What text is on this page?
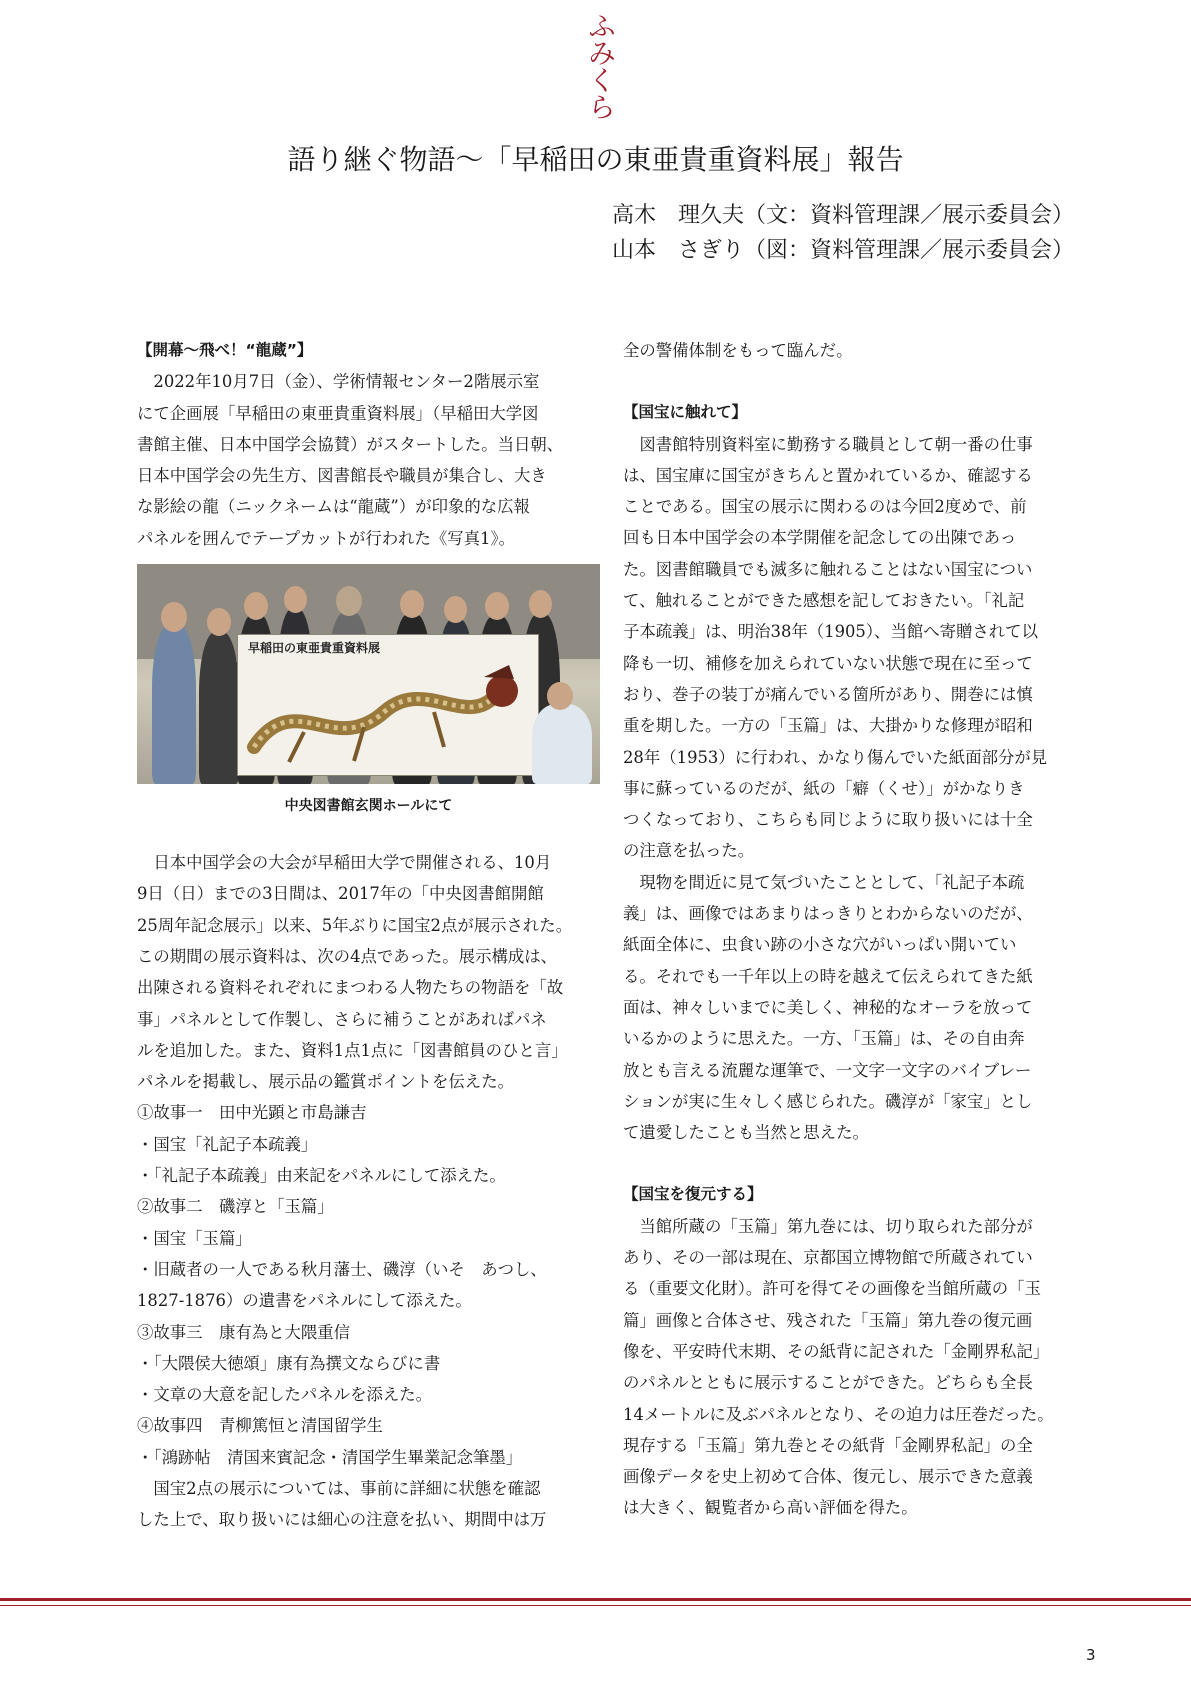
ふ
み
く
ら
語り継ぐ物語〜「早稲田の東亜貴重資料展」報告
高木　理久夫（文：資料管理課／展示委員会）
山本　さぎり（図：資料管理課／展示委員会）

【開幕〜飛べ！“龍蔵”】

2022年10月7日（金）、学術情報センター2階展示室

にて企画展「早稲田の東亜貴重資料展」（早稲田大学図

書館主催、日本中国学会協賛）がスタートした。当日朝、

日本中国学会の先生方、図書館長や職員が集合し、大き

な影絵の龍（ニックネームは“龍蔵”）が印象的な広報

パネルを囲んでテープカットが行われた《写真1》。

早稲田の東亜貴重資料展
中央図書館玄関ホールにて

日本中国学会の大会が早稲田大学で開催される、10月

9日（日）までの3日間は、2017年の「中央図書館開館

25周年記念展示」以来、5年ぶりに国宝2点が展示された。

この期間の展示資料は、次の4点であった。展示構成は、

出陳される資料それぞれにまつわる人物たちの物語を「故

事」パネルとして作製し、さらに補うことがあればパネ

ルを追加した。また、資料1点1点に「図書館員のひと言」

パネルを掲載し、展示品の鑑賞ポイントを伝えた。

①故事一　田中光顕と市島謙吉

・国宝「礼記子本疏義」

・「礼記子本疏義」由来記をパネルにして添えた。

②故事二　磯淳と「玉篇」

・国宝「玉篇」

・旧蔵者の一人である秋月藩士、磯淳（いそ　あつし、

1827-1876）の遺書をパネルにして添えた。

③故事三　康有為と大隈重信

・「大隈侯大徳頌」康有為撰文ならびに書

・文章の大意を記したパネルを添えた。

④故事四　青柳篤恒と清国留学生

・「鴻跡帖　清国来賓記念・清国学生畢業記念筆墨」

　国宝2点の展示については、事前に詳細に状態を確認

した上で、取り扱いには細心の注意を払い、期間中は万

全の警備体制をもって臨んだ。

【国宝に触れて】

図書館特別資料室に勤務する職員として朝一番の仕事

は、国宝庫に国宝がきちんと置かれているか、確認する

ことである。国宝の展示に関わるのは今回2度めで、前

回も日本中国学会の本学開催を記念しての出陳であっ

た。図書館職員でも滅多に触れることはない国宝につい

て、触れることができた感想を記しておきたい。「礼記

子本疏義」は、明治38年（1905）、当館へ寄贈されて以

降も一切、補修を加えられていない状態で現在に至って

おり、巻子の装丁が痛んでいる箇所があり、開巻には慎

重を期した。一方の「玉篇」は、大掛かりな修理が昭和

28年（1953）に行われ、かなり傷んでいた紙面部分が見

事に蘇っているのだが、紙の「癖（くせ）」がかなりき

つくなっており、こちらも同じように取り扱いには十全

の注意を払った。

　現物を間近に見て気づいたこととして、「礼記子本疏

義」は、画像ではあまりはっきりとわからないのだが、

紙面全体に、虫食い跡の小さな穴がいっぱい開いてい

る。それでも一千年以上の時を越えて伝えられてきた紙

面は、神々しいまでに美しく、神秘的なオーラを放って

いるかのように思えた。一方、「玉篇」は、その自由奔

放とも言える流麗な運筆で、一文字一文字のバイブレー

ションが実に生々しく感じられた。磯淳が「家宝」とし

て遺愛したことも当然と思えた。

【国宝を復元する】

当館所蔵の「玉篇」第九巻には、切り取られた部分が

あり、その一部は現在、京都国立博物館で所蔵されてい

る（重要文化財）。許可を得てその画像を当館所蔵の「玉

篇」画像と合体させ、残された「玉篇」第九巻の復元画

像を、平安時代末期、その紙背に記された「金剛界私記」

のパネルとともに展示することができた。どちらも全長

14メートルに及ぶパネルとなり、その迫力は圧巻だった。

現存する「玉篇」第九巻とその紙背「金剛界私記」の全

画像データを史上初めて合体、復元し、展示できた意義

は大きく、観覧者から高い評価を得た。

3
